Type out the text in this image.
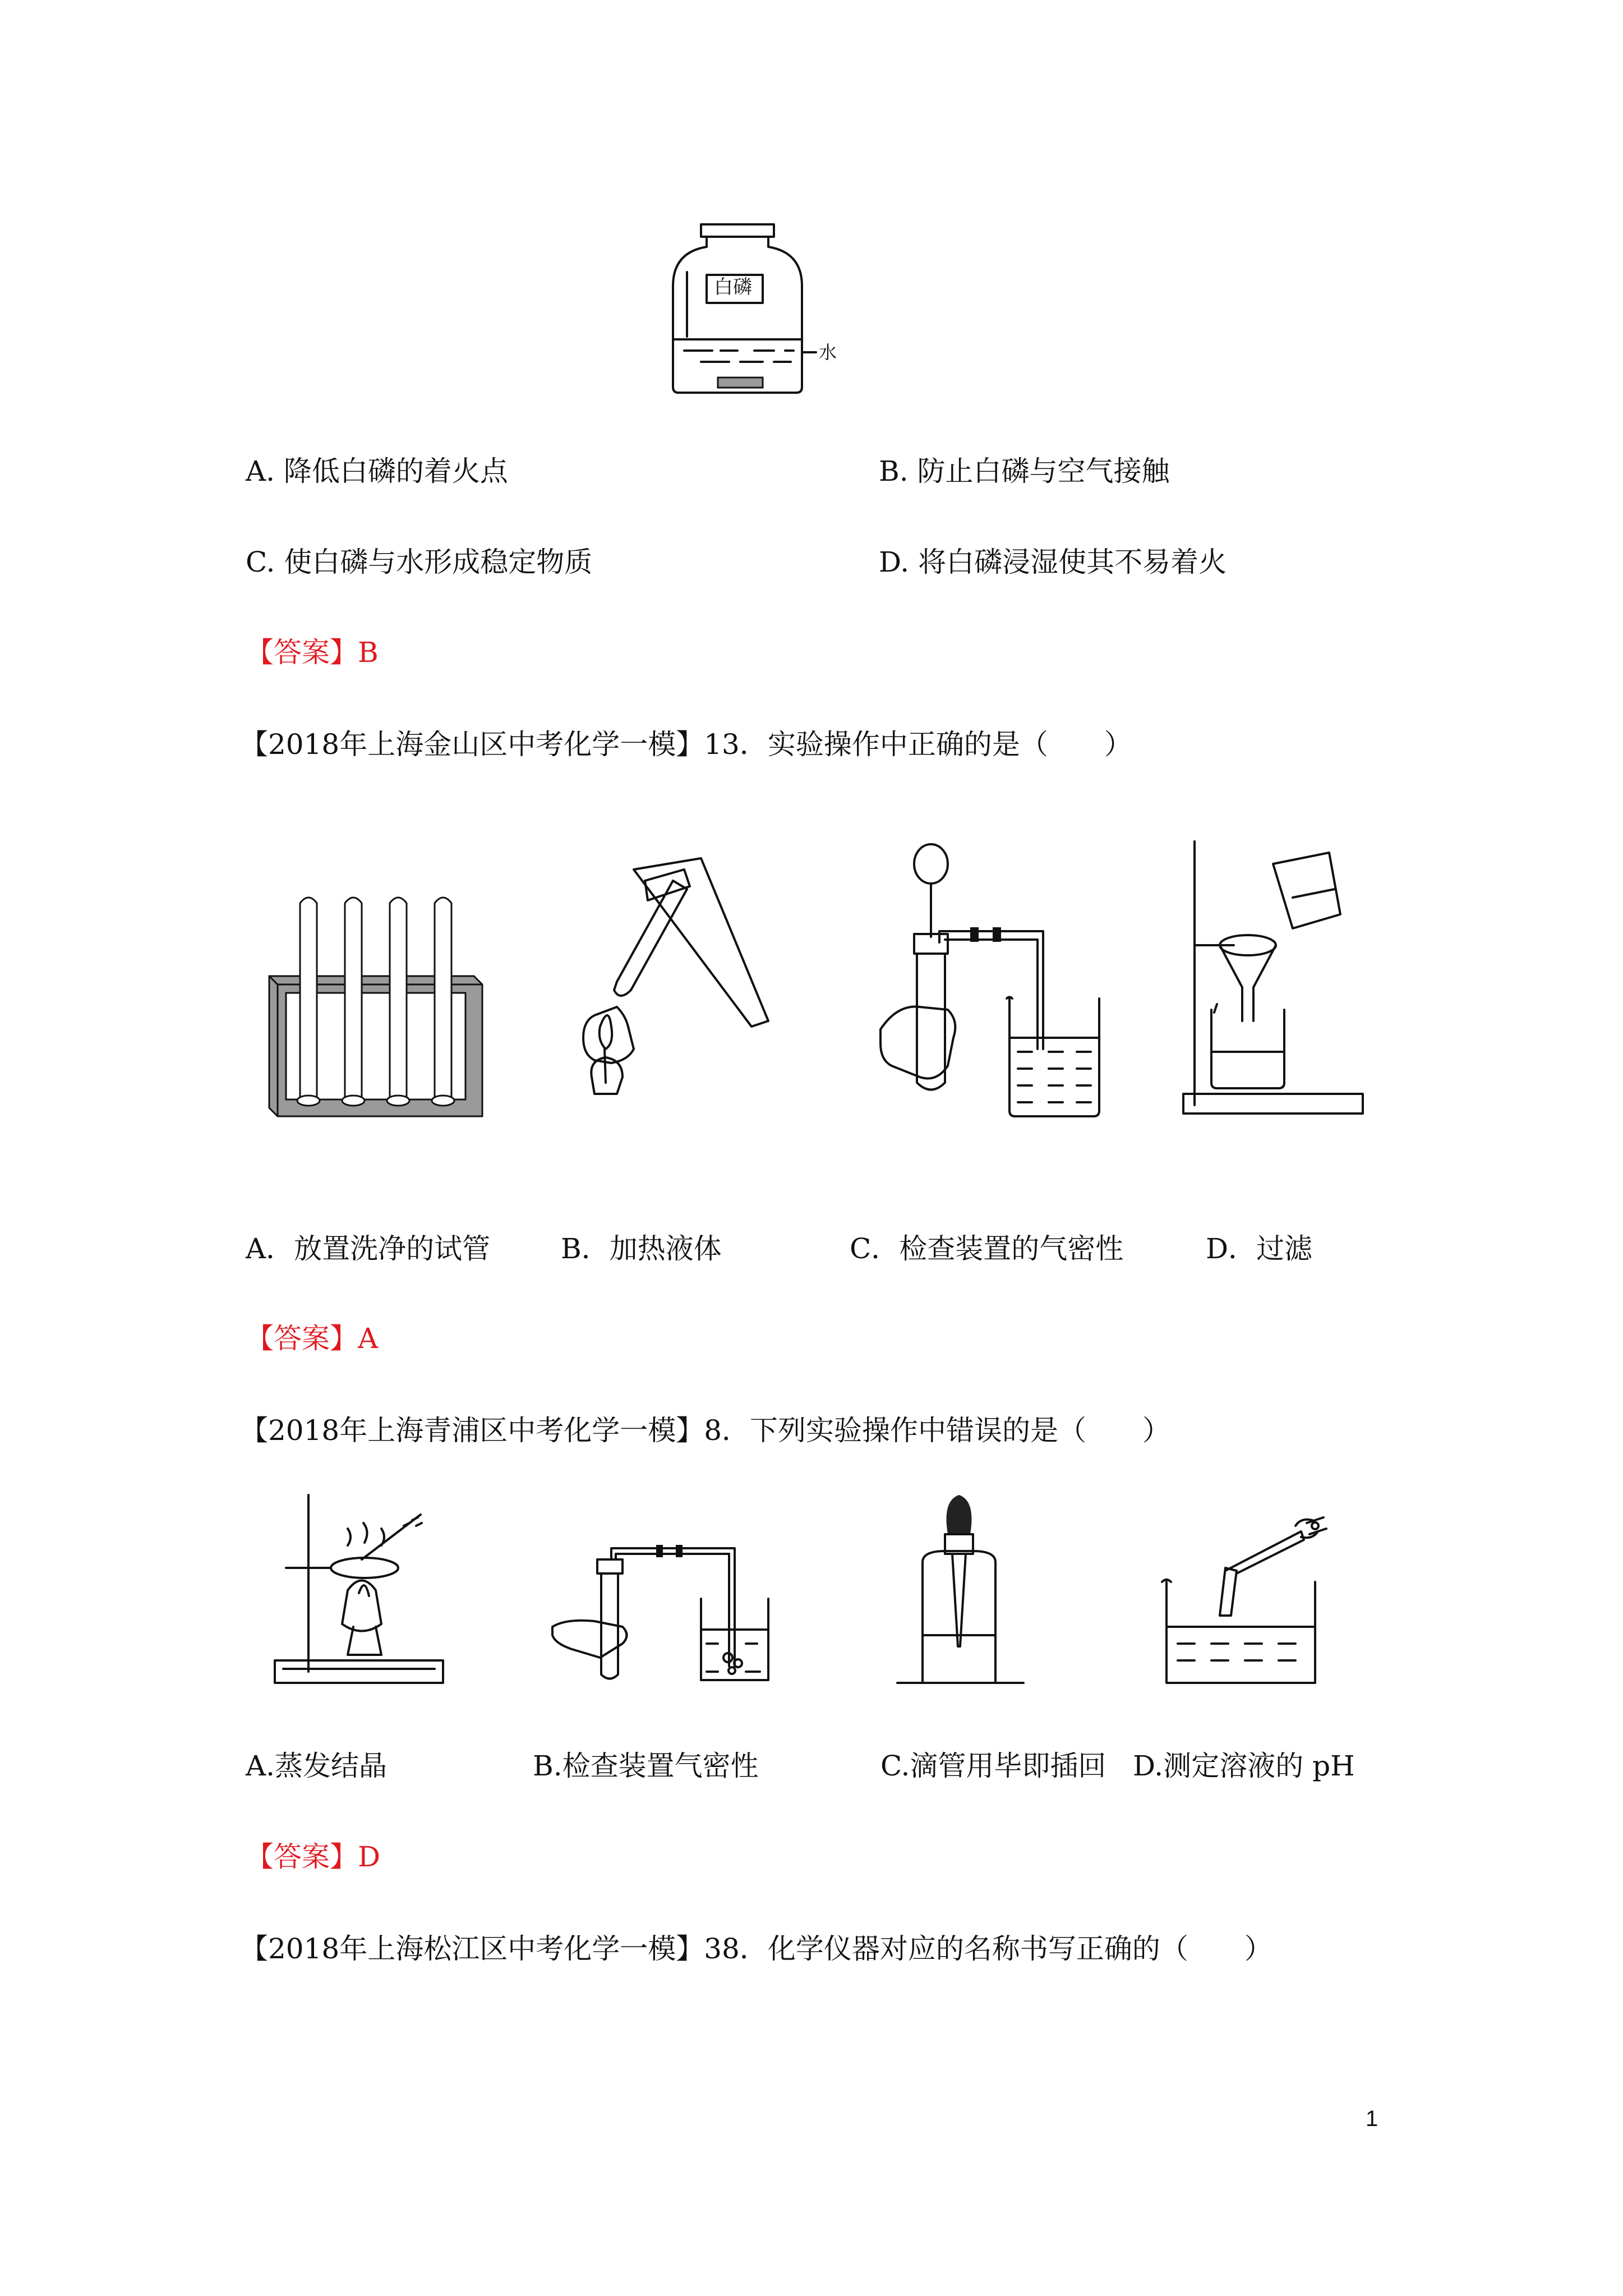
白磷
水
A. 降低白磷的着火点	B. 防止白磷与空气接触
C. 使白磷与水形成稳定物质	D. 将白磷浸湿使其不易着火
【答案】B
【2018年上海金山区中考化学一模】13．实验操作中正确的是（　　）
A．放置洗净的试管	B．加热液体	C．检查装置的气密性	D．过滤
【答案】A
【2018年上海青浦区中考化学一模】8．下列实验操作中错误的是（　　）
A.蒸发结晶	B.检查装置气密性	C.滴管用毕即插回 D.测定溶液的 pH
【答案】D
【2018年上海松江区中考化学一模】38．化学仪器对应的名称书写正确的（　　）
1
